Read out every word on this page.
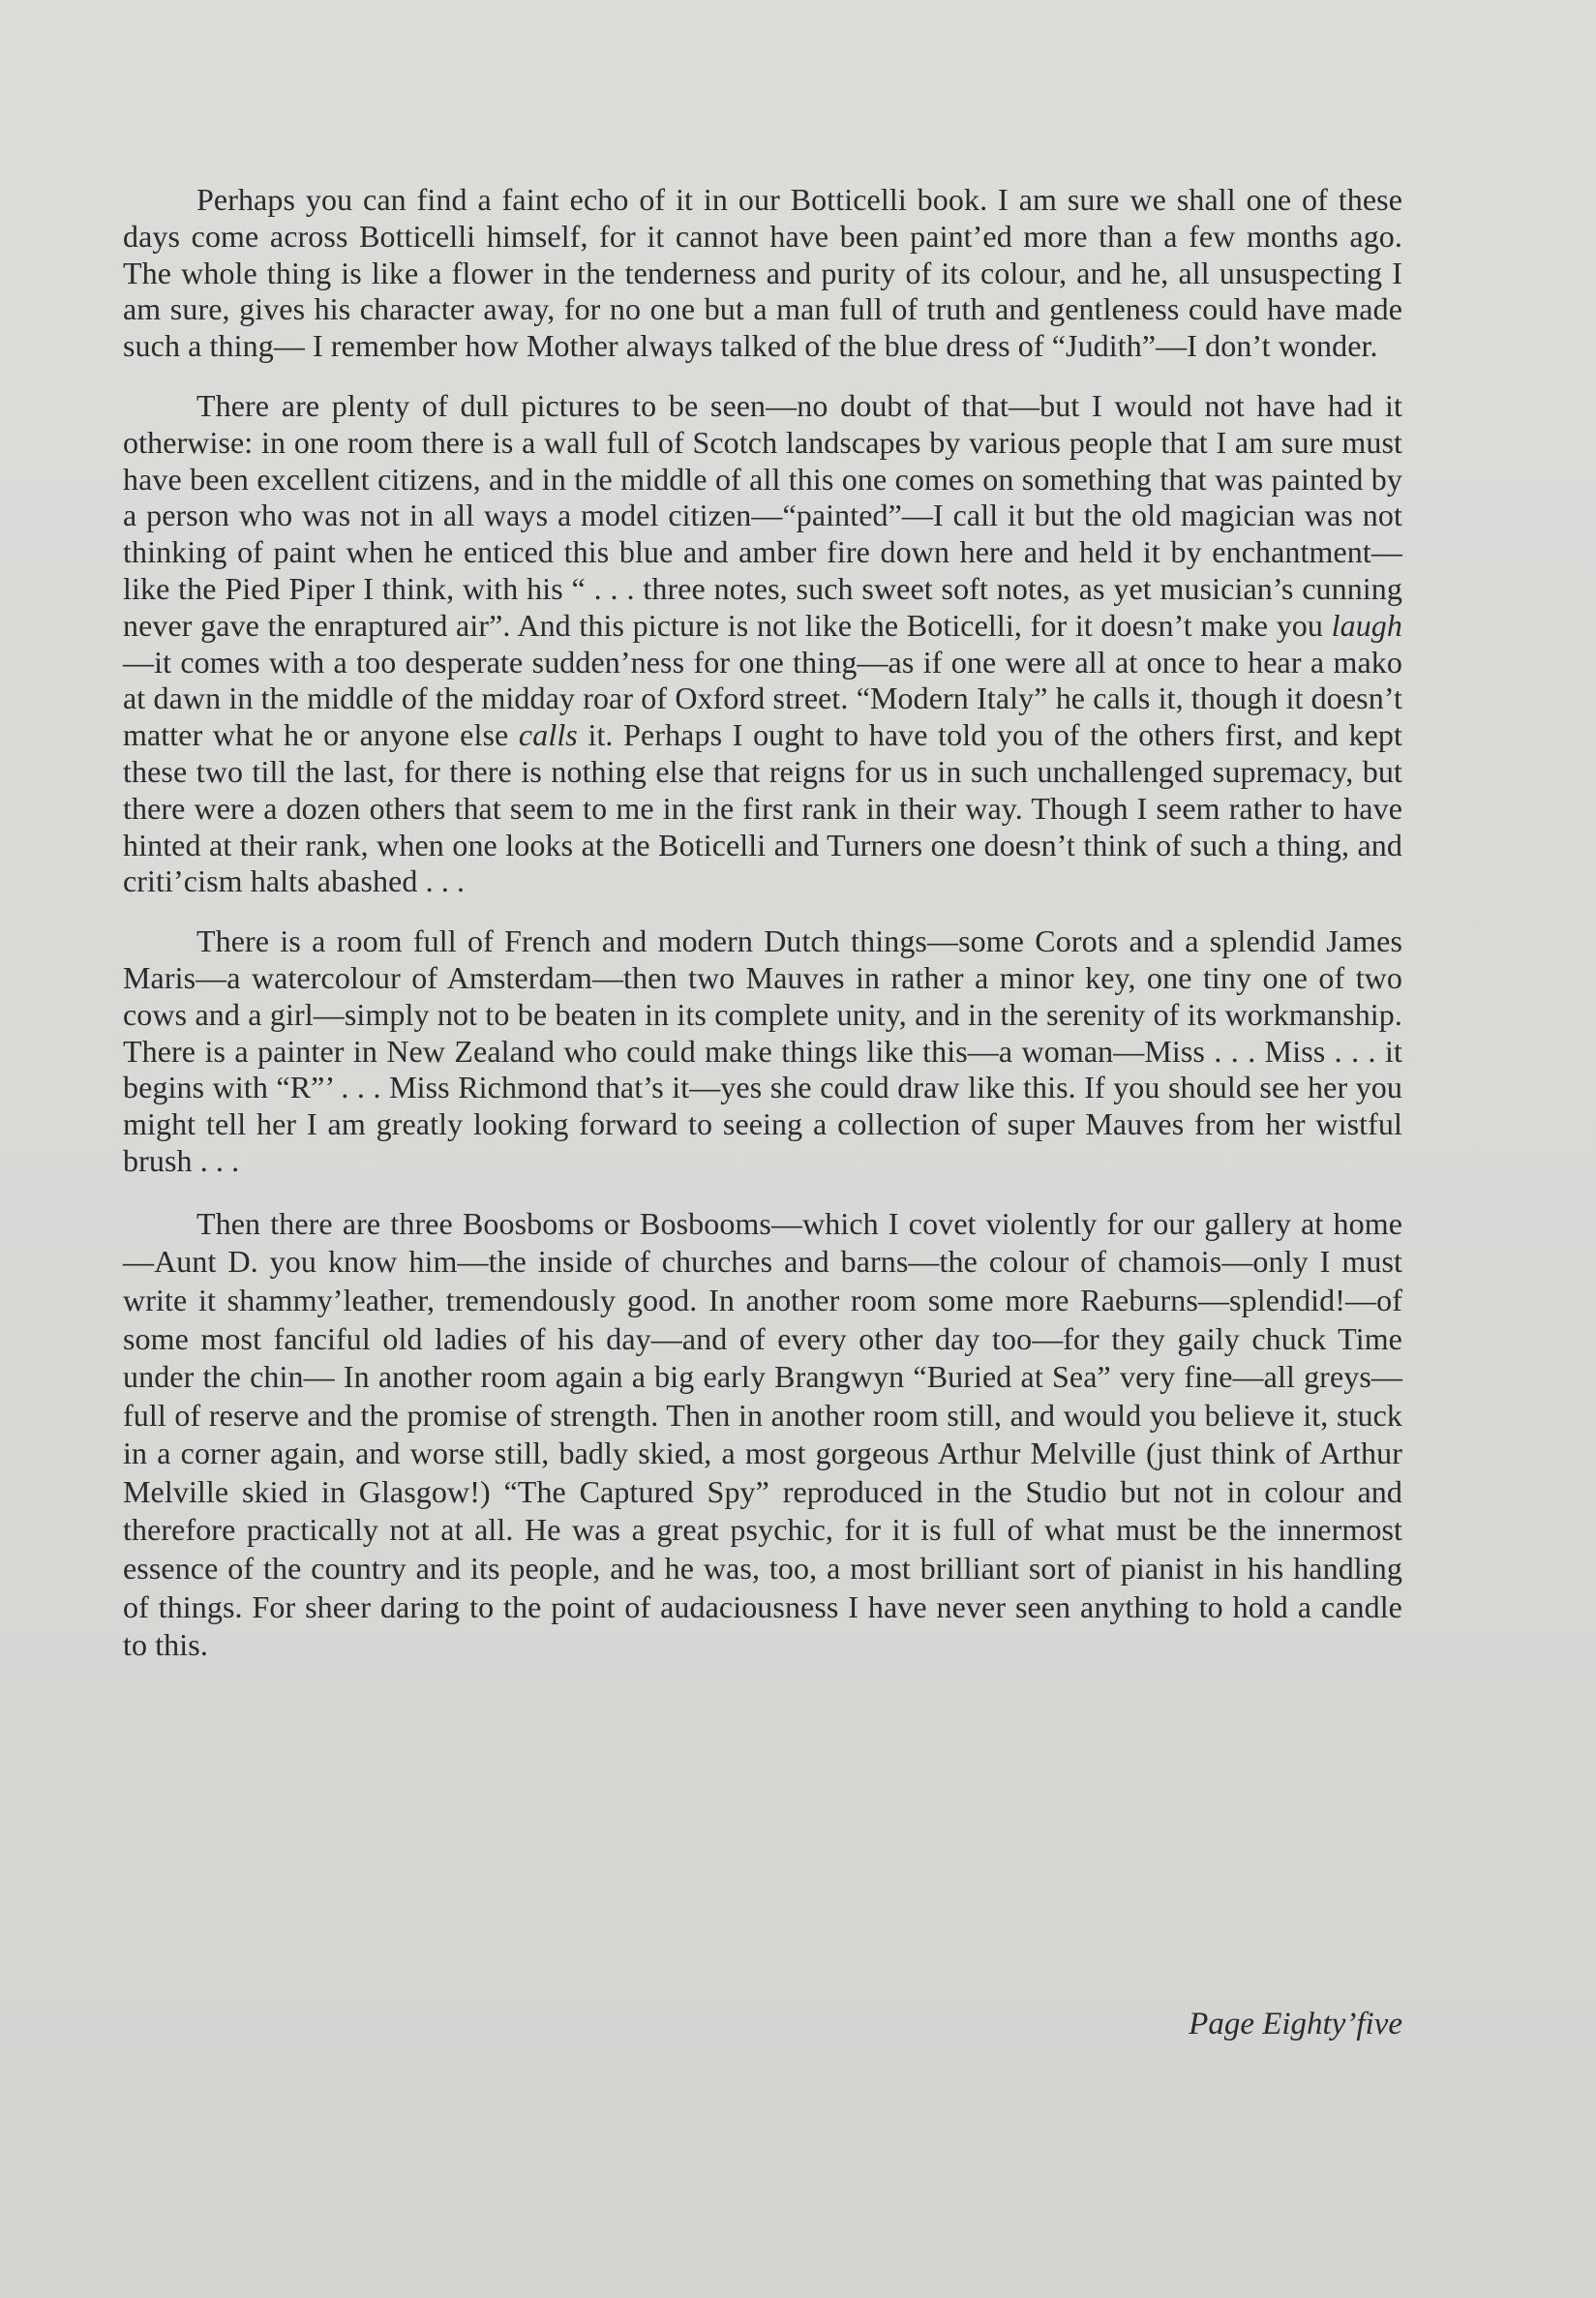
Perhaps you can find a faint echo of it in our Botticelli book. I am sure we shall one of these days come across Botticelli himself, for it cannot have been paint’ed more than a few months ago. The whole thing is like a flower in the tenderness and purity of its colour, and he, all unsuspecting I am sure, gives his character away, for no one but a man full of truth and gentleness could have made such a thing— I remember how Mother always talked of the blue dress of “Judith”—I don’t wonder.

There are plenty of dull pictures to be seen—no doubt of that—but I would not have had it otherwise: in one room there is a wall full of Scotch landscapes by various people that I am sure must have been excellent citizens, and in the middle of all this one comes on something that was painted by a person who was not in all ways a model citizen—“painted”—I call it but the old magician was not thinking of paint when he enticed this blue and amber fire down here and held it by enchantment— like the Pied Piper I think, with his “ . . . three notes, such sweet soft notes, as yet musician’s cunning never gave the enraptured air”. And this picture is not like the Boticelli, for it doesn’t make you laugh—it comes with a too desperate sudden’ness for one thing—as if one were all at once to hear a mako at dawn in the middle of the midday roar of Oxford street. “Modern Italy” he calls it, though it doesn’t matter what he or anyone else calls it. Perhaps I ought to have told you of the others first, and kept these two till the last, for there is nothing else that reigns for us in such unchallenged supremacy, but there were a dozen others that seem to me in the first rank in their way. Though I seem rather to have hinted at their rank, when one looks at the Boticelli and Turners one doesn’t think of such a thing, and criti’cism halts abashed . . .

There is a room full of French and modern Dutch things—some Corots and a splendid James Maris—a watercolour of Amsterdam—then two Mauves in rather a minor key, one tiny one of two cows and a girl—simply not to be beaten in its complete unity, and in the serenity of its workmanship. There is a painter in New Zealand who could make things like this—a woman—Miss . . . Miss . . . it begins with “R”’ . . . Miss Richmond that’s it—yes she could draw like this. If you should see her you might tell her I am greatly looking forward to seeing a collection of super Mauves from her wistful brush . . .

Then there are three Boosboms or Bosbooms—which I covet violently for our gallery at home—Aunt D. you know him—the inside of churches and barns—the colour of chamois—only I must write it shammy’leather, tremendously good. In another room some more Raeburns—splendid!—of some most fanciful old ladies of his day—and of every other day too—for they gaily chuck Time under the chin— In another room again a big early Brangwyn “Buried at Sea” very fine—all greys— full of reserve and the promise of strength. Then in another room still, and would you believe it, stuck in a corner again, and worse still, badly skied, a most gorgeous Arthur Melville (just think of Arthur Melville skied in Glasgow!) “The Captured Spy” reproduced in the Studio but not in colour and therefore practically not at all. He was a great psychic, for it is full of what must be the innermost essence of the country and its people, and he was, too, a most brilliant sort of pianist in his handling of things. For sheer daring to the point of audaciousness I have never seen anything to hold a candle to this.

Page Eighty’five
